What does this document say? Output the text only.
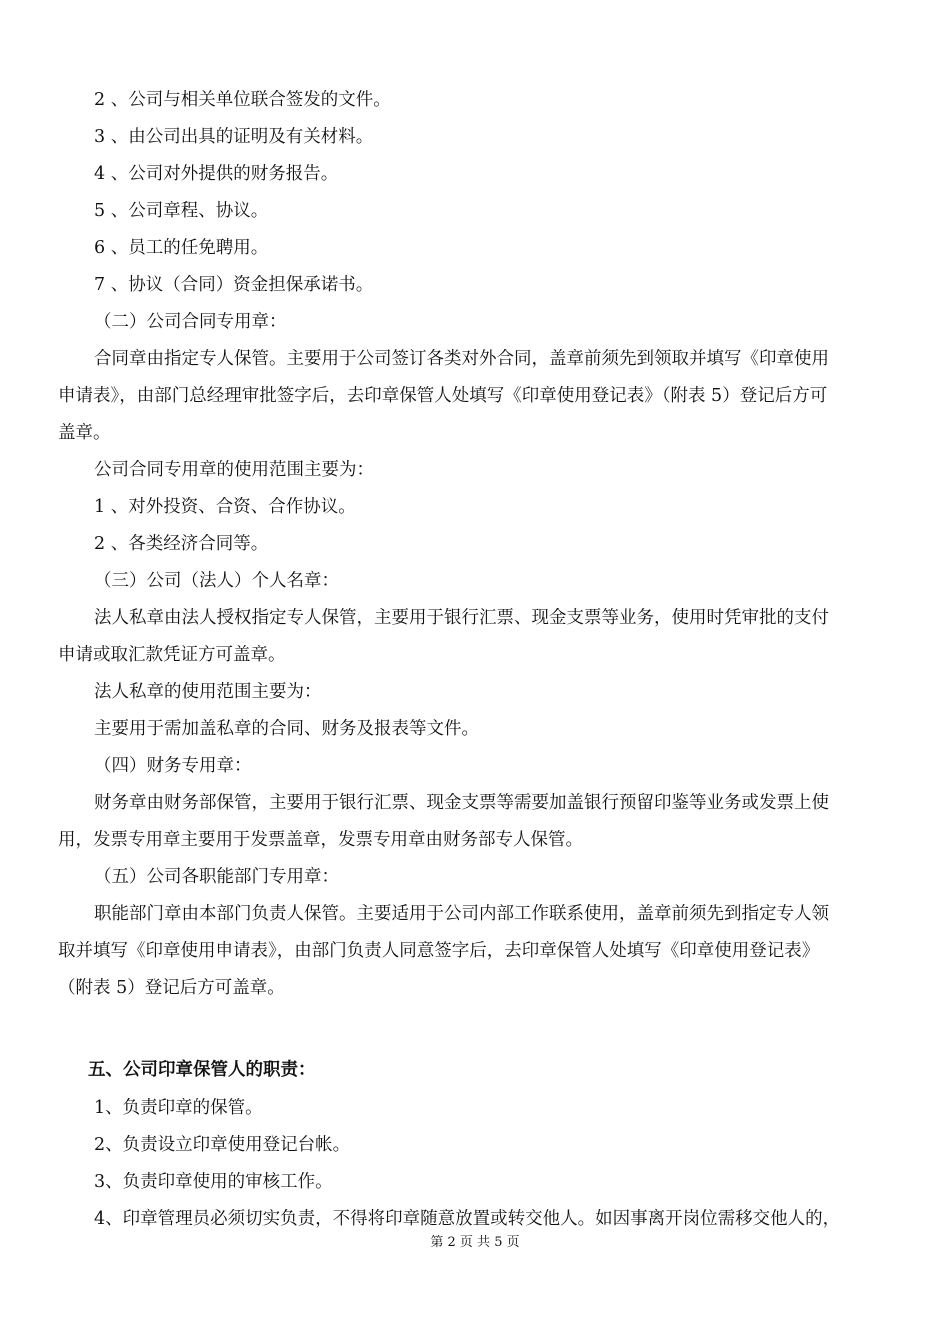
2 、公司与相关单位联合签发的文件。
3 、由公司出具的证明及有关材料。
4 、公司对外提供的财务报告。
5 、公司章程、协议。
6 、员工的任免聘用。
7 、协议（合同）资金担保承诺书。
（二）公司合同专用章：
合同章由指定专人保管。主要用于公司签订各类对外合同，盖章前须先到领取并填写《印章使用
申请表》，由部门总经理审批签字后，去印章保管人处填写《印章使用登记表》（附表 5）登记后方可
盖章。
公司合同专用章的使用范围主要为：
1 、对外投资、合资、合作协议。
2 、各类经济合同等。
（三）公司（法人）个人名章：
法人私章由法人授权指定专人保管，主要用于银行汇票、现金支票等业务，使用时凭审批的支付
申请或取汇款凭证方可盖章。
法人私章的使用范围主要为：
主要用于需加盖私章的合同、财务及报表等文件。
（四）财务专用章：
财务章由财务部保管，主要用于银行汇票、现金支票等需要加盖银行预留印鉴等业务或发票上使
用，发票专用章主要用于发票盖章，发票专用章由财务部专人保管。
（五）公司各职能部门专用章：
职能部门章由本部门负责人保管。主要适用于公司内部工作联系使用，盖章前须先到指定专人领
取并填写《印章使用申请表》，由部门负责人同意签字后，去印章保管人处填写《印章使用登记表》
（附表 5）登记后方可盖章。
五、公司印章保管人的职责：
1、负责印章的保管。
2、负责设立印章使用登记台帐。
3、负责印章使用的审核工作。
4、印章管理员必须切实负责，不得将印章随意放置或转交他人。如因事离开岗位需移交他人的，
第 2 页 共 5 页
